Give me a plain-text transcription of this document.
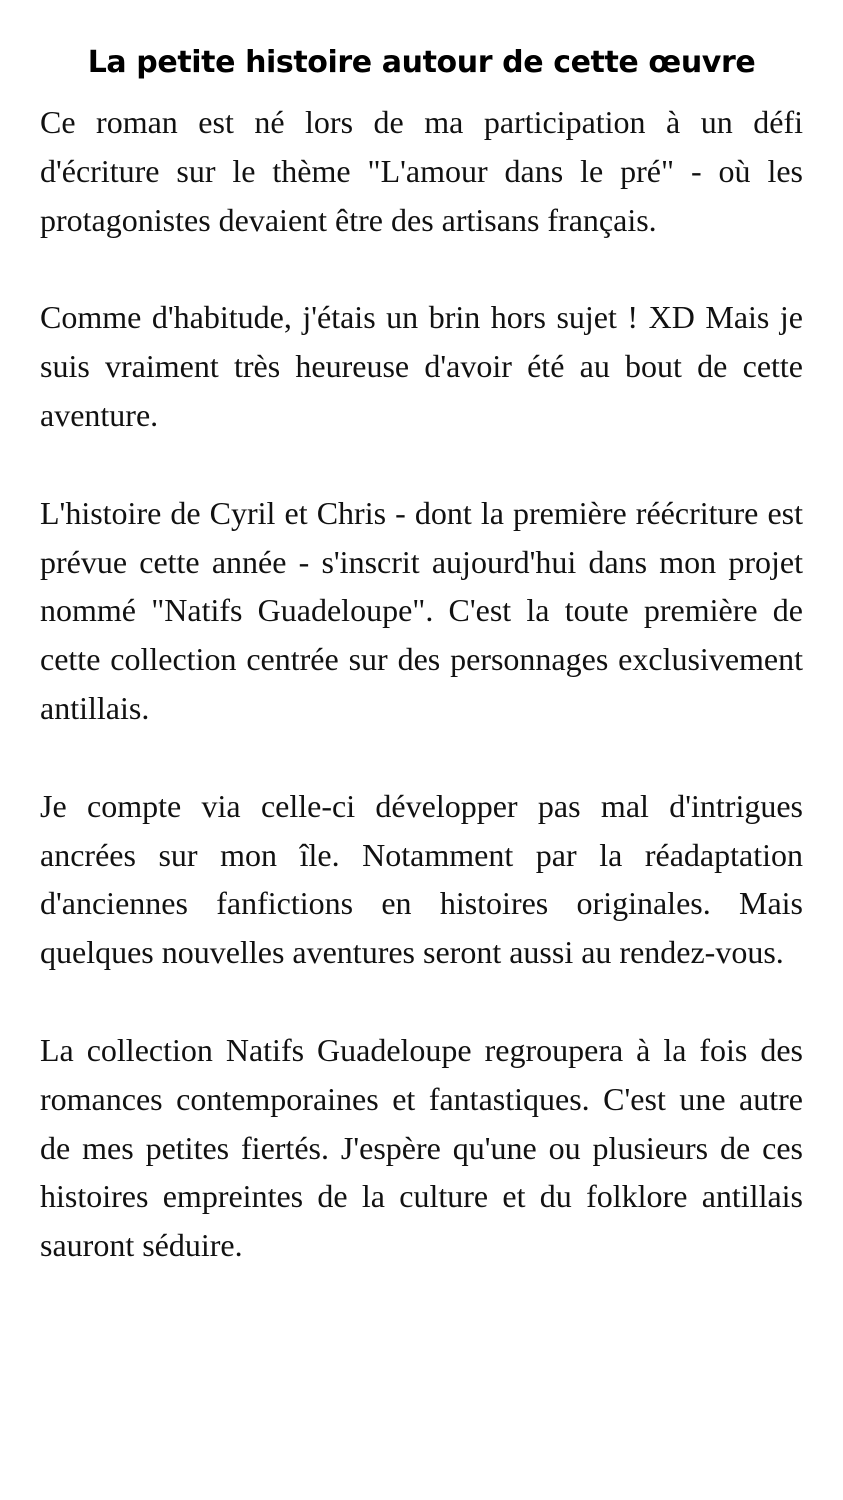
La petite histoire autour de cette œuvre

Ce roman est né lors de ma participation à un défi d'écriture sur le thème "L'amour dans le pré" - où les protagonistes devaient être des artisans français.

Comme d'habitude, j'étais un brin hors sujet ! XD Mais je suis vraiment très heureuse d'avoir été au bout de cette aventure.

L'histoire de Cyril et Chris - dont la première réécriture est prévue cette année - s'inscrit aujourd'hui dans mon projet nommé "Natifs Guadeloupe". C'est la toute première de cette collection centrée sur des personnages exclusivement antillais.

Je compte via celle-ci développer pas mal d'intrigues ancrées sur mon île. Notamment par la réadaptation d'anciennes fanfictions en histoires originales. Mais quelques nouvelles aventures seront aussi au rendez-vous.

La collection Natifs Guadeloupe regroupera à la fois des romances contemporaines et fantastiques. C'est une autre de mes petites fiertés. J'espère qu'une ou plusieurs de ces histoires empreintes de la culture et du folklore antillais sauront séduire.
